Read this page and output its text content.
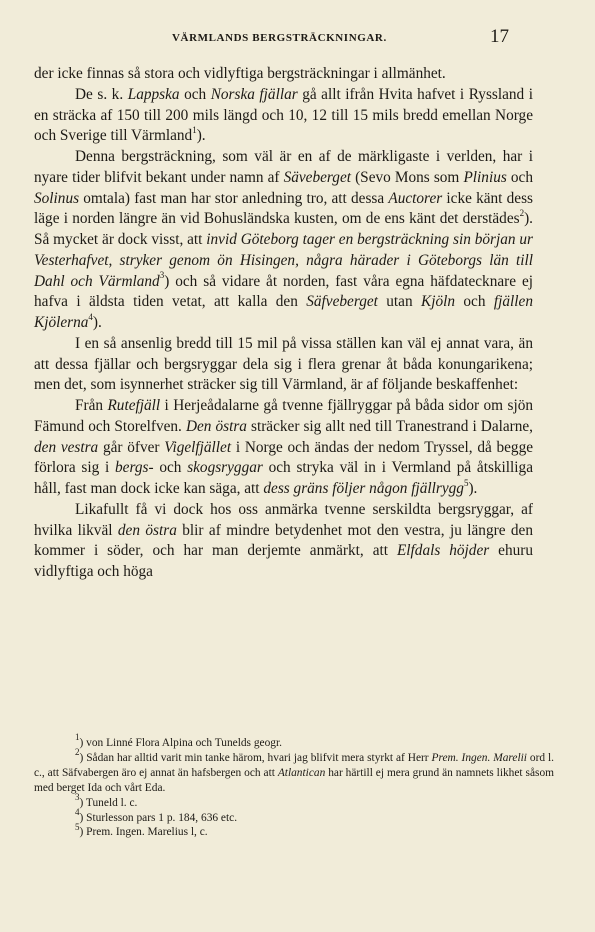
VÄRMLANDS BERGSTRÄCKNINGAR.	17

der icke finnas så stora och vidlyftiga bergsträckningar i allmänhet.

De s. k. Lappska och Norska fjällar gå allt ifrån Hvita hafvet i Ryssland i en sträcka af 150 till 200 mils längd och 10, 12 till 15 mils bredd emellan Norge och Sverige till Värmland$^1$).

Denna bergsträckning, som väl är en af de märkligaste i verlden, har i nyare tider blifvit bekant under namn af Säveberget (Sevo Mons som Plinius och Solinus omtala) fast man har stor anledning tro, att dessa Auctorer icke känt dess läge i norden längre än vid Bohusländska kusten, om de ens känt det derstädes$^2$). Så mycket är dock visst, att invid Göteborg tager en bergsträckning sin början ur Vesterhafvet, stryker genom ön Hisingen, några härader i Göteborgs län till Dahl och Värmland$^3$) och så vidare åt norden, fast våra egna häfdatecknare ej hafva i äldsta tiden vetat, att kalla den Säfveberget utan Kjöln och fjällen Kjölerna$^4$).

I en så ansenlig bredd till 15 mil på vissa ställen kan väl ej annat vara, än att dessa fjällar och bergsryggar dela sig i flera grenar åt båda konungarikena; men det, som isynnerhet sträcker sig till Värmland, är af följande beskaffenhet:

Från Rutefjäll i Herjeådalarne gå tvenne fjällryggar på båda sidor om sjön Fämund och Storelfven. Den östra sträcker sig allt ned till Tranestrand i Dalarne, den vestra går öfver Vigelfjället i Norge och ändas der nedom Tryssel, då begge förlora sig i bergs- och skogsryggar och stryka väl in i Vermland på åtskilliga håll, fast man dock icke kan säga, att dess gräns följer någon fjällrygg$^5$).

Likafullt få vi dock hos oss anmärka tvenne serskildta bergsryggar, af hvilka likväl den östra blir af mindre betydenhet mot den vestra, ju längre den kommer i söder, och har man derjemte anmärkt, att Elfdals höjder ehuru vidlyftiga och höga

$^1$) von Linné Flora Alpina och Tunelds geogr.

$^2$) Sådan har alltid varit min tanke härom, hvari jag blifvit mera styrkt af Herr Prem. Ingen. Marelii ord l. c., att Säfvabergen äro ej annat än hafsbergen och att Atlantican har härtill ej mera grund än namnets likhet såsom med berget Ida och vårt Eda.

$^3$) Tuneld l. c.

$^4$) Sturlesson pars 1 p. 184, 636 etc.

$^5$) Prem. Ingen. Marelius l, c.
